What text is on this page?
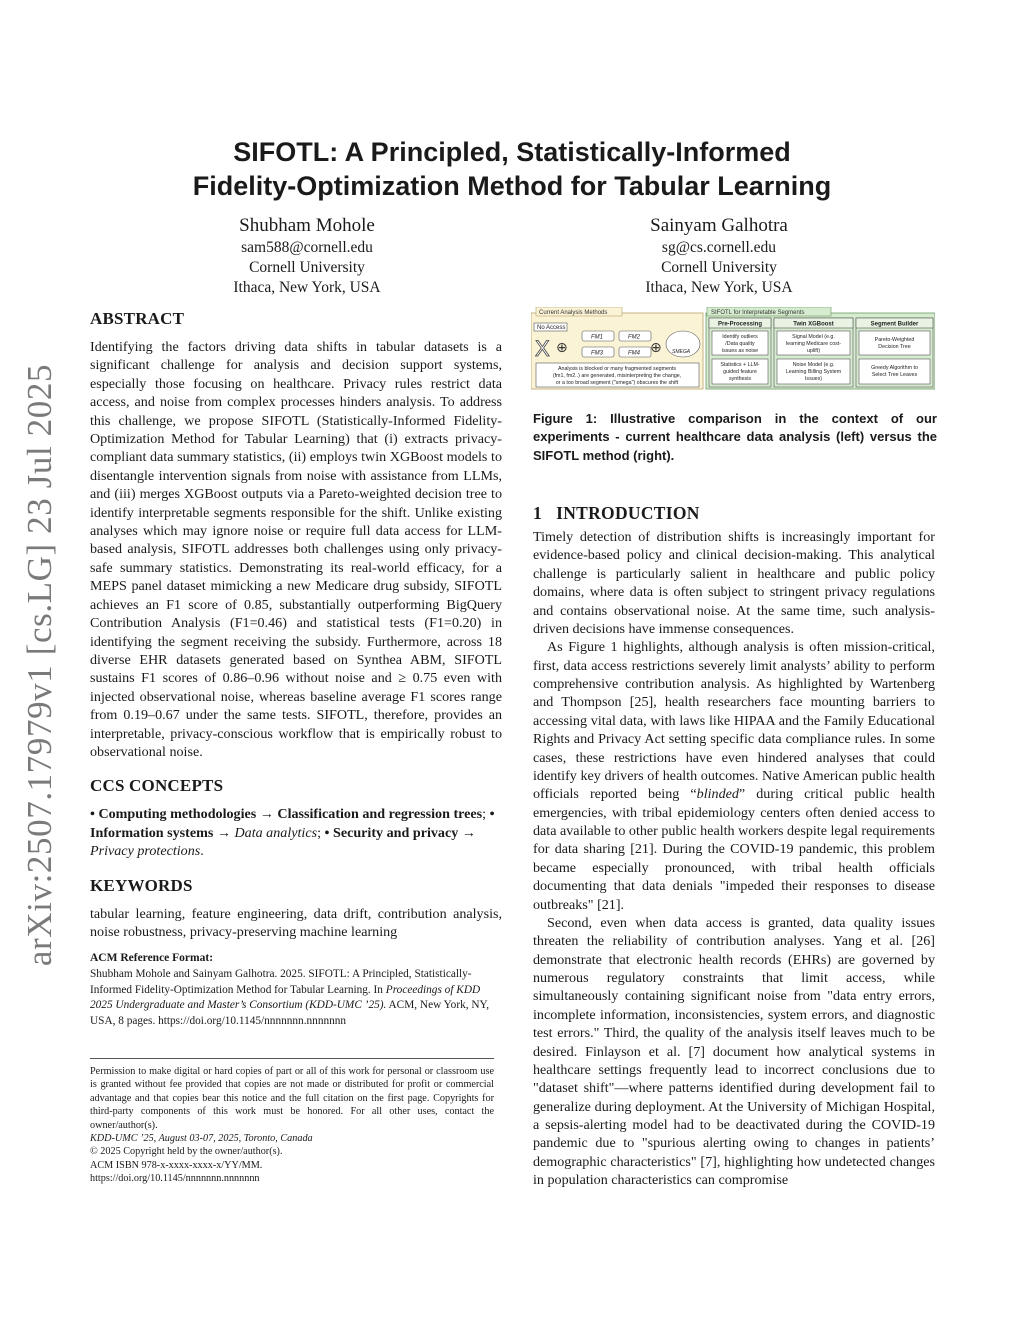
arXiv:2507.17979v1 [cs.LG] 23 Jul 2025
SIFOTL: A Principled, Statistically-Informed
Fidelity-Optimization Method for Tabular Learning
Shubham Mohole
sam588@cornell.edu
Cornell University
Ithaca, New York, USA
Sainyam Galhotra
sg@cs.cornell.edu
Cornell University
Ithaca, New York, USA
ABSTRACT

Identifying the factors driving data shifts in tabular datasets is a significant challenge for analysis and decision support systems, especially those focusing on healthcare. Privacy rules restrict data access, and noise from complex processes hinders analysis. To address this challenge, we propose SIFOTL (Statistically-Informed Fidelity-Optimization Method for Tabular Learning) that (i) extracts privacy-compliant data summary statistics, (ii) employs twin XGBoost models to disentangle intervention signals from noise with assistance from LLMs, and (iii) merges XGBoost outputs via a Pareto-weighted decision tree to identify interpretable segments responsible for the shift. Unlike existing analyses which may ignore noise or require full data access for LLM-based analysis, SIFOTL addresses both challenges using only privacy-safe summary statistics. Demonstrating its real-world efficacy, for a MEPS panel dataset mimicking a new Medicare drug subsidy, SIFOTL achieves an F1 score of 0.85, substantially outperforming BigQuery Contribution Analysis (F1=0.46) and statistical tests (F1=0.20) in identifying the segment receiving the subsidy. Furthermore, across 18 diverse EHR datasets generated based on Synthea ABM, SIFOTL sustains F1 scores of 0.86–0.96 without noise and ≥ 0.75 even with injected observational noise, whereas baseline average F1 scores range from 0.19–0.67 under the same tests. SIFOTL, therefore, provides an interpretable, privacy-conscious workflow that is empirically robust to observational noise.

CCS CONCEPTS

• Computing methodologies → Classification and regression trees; • Information systems → Data analytics; • Security and privacy → Privacy protections.

KEYWORDS

tabular learning, feature engineering, data drift, contribution analysis, noise robustness, privacy-preserving machine learning

ACM Reference Format:

Shubham Mohole and Sainyam Galhotra. 2025. SIFOTL: A Principled, Statistically-Informed Fidelity-Optimization Method for Tabular Learning. In Proceedings of KDD 2025 Undergraduate and Master’s Consortium (KDD-UMC ’25). ACM, New York, NY, USA, 8 pages. https://doi.org/10.1145/nnnnnnn.nnnnnnn

Permission to make digital or hard copies of part or all of this work for personal or classroom use is granted without fee provided that copies are not made or distributed for profit or commercial advantage and that copies bear this notice and the full citation on the first page. Copyrights for third-party components of this work must be honored. For all other uses, contact the owner/author(s).

KDD-UMC ’25, August 03-07, 2025, Toronto, Canada
© 2025 Copyright held by the owner/author(s).
ACM ISBN 978-x-xxxx-xxxx-x/YY/MM.
https://doi.org/10.1145/nnnnnnn.nnnnnnn
Current Analysis Methods
No Access
X ⊕
FM1	FM2
FM3	FM4 ⊕ SMEGA
Analysis is blocked or many fragmented segments
(fm1, fm2..) are generated, misinterpreting the change,
or a too broad segment ("smega") obscures the shift
SIFOTL for Interpretable Segments
Pre-Processing
Identify outliers
/Data quality
issues as noise
Statistics + LLM-
guided feature
synthesis
Twin XGBoost
Signal Model (e.g.
learning Medicare cost-
uplift)
Noise Model (e.g.
Learning Billing System
Issues)
Segment Builder
Pareto-Weighted
Decision Tree
Greedy Algorithm to
Select Tree Leaves
Figure 1: Illustrative comparison in the context of our experiments - current healthcare data analysis (left) versus the SIFOTL method (right).
1 INTRODUCTION

Timely detection of distribution shifts is increasingly important for evidence-based policy and clinical decision-making. This analytical challenge is particularly salient in healthcare and public policy domains, where data is often subject to stringent privacy regulations and contains observational noise. At the same time, such analysis-driven decisions have immense consequences.

As Figure 1 highlights, although analysis is often mission-critical, first, data access restrictions severely limit analysts’ ability to perform comprehensive contribution analysis. As highlighted by Wartenberg and Thompson [25], health researchers face mounting barriers to accessing vital data, with laws like HIPAA and the Family Educational Rights and Privacy Act setting specific data compliance rules. In some cases, these restrictions have even hindered analyses that could identify key drivers of health outcomes. Native American public health officials reported being “blinded” during critical public health emergencies, with tribal epidemiology centers often denied access to data available to other public health workers despite legal requirements for data sharing [21]. During the COVID-19 pandemic, this problem became especially pronounced, with tribal health officials documenting that data denials "impeded their responses to disease outbreaks" [21].

Second, even when data access is granted, data quality issues threaten the reliability of contribution analyses. Yang et al. [26] demonstrate that electronic health records (EHRs) are governed by numerous regulatory constraints that limit access, while simultaneously containing significant noise from "data entry errors, incomplete information, inconsistencies, system errors, and diagnostic test errors." Third, the quality of the analysis itself leaves much to be desired. Finlayson et al. [7] document how analytical systems in healthcare settings frequently lead to incorrect conclusions due to "dataset shift"—where patterns identified during development fail to generalize during deployment. At the University of Michigan Hospital, a sepsis-alerting model had to be deactivated during the COVID-19 pandemic due to "spurious alerting owing to changes in patients’ demographic characteristics" [7], highlighting how undetected changes in population characteristics can compromise
